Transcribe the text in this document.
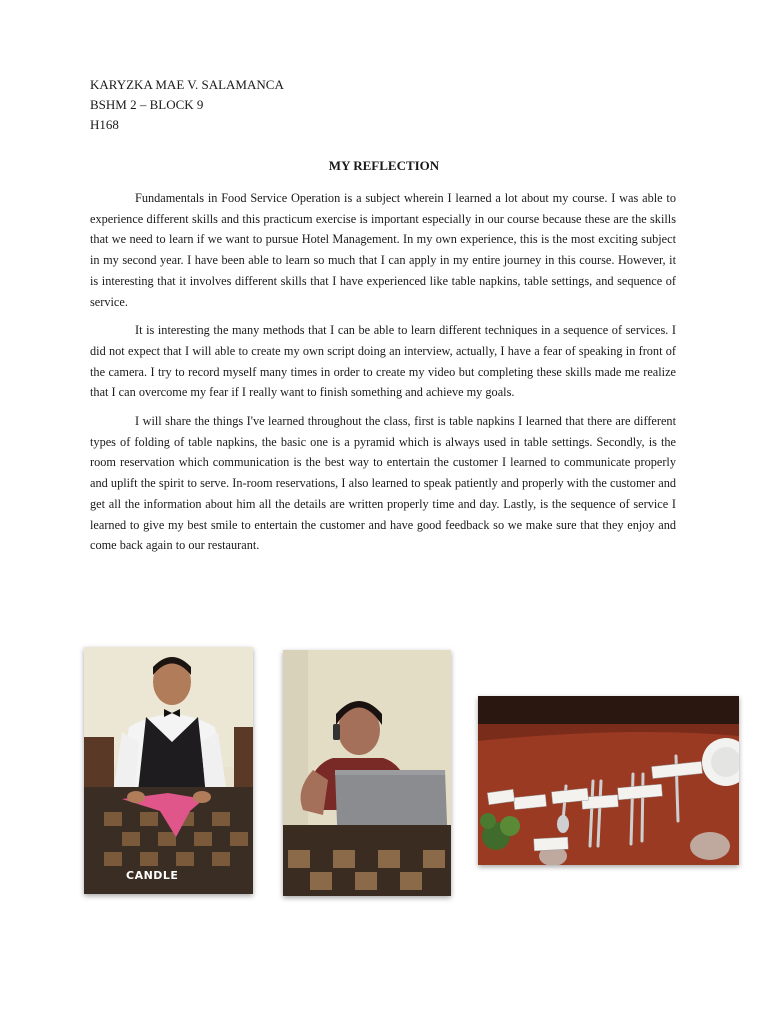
KARYZKA MAE V. SALAMANCA
BSHM 2 – BLOCK 9
H168
MY REFLECTION

Fundamentals in Food Service Operation is a subject wherein I learned a lot about my course. I was able to experience different skills and this practicum exercise is important especially in our course because these are the skills that we need to learn if we want to pursue Hotel Management. In my own experience, this is the most exciting subject in my second year. I have been able to learn so much that I can apply in my entire journey in this course. However, it is interesting that it involves different skills that I have experienced like table napkins, table settings, and sequence of service.

It is interesting the many methods that I can be able to learn different techniques in a sequence of services. I did not expect that I will able to create my own script doing an interview, actually, I have a fear of speaking in front of the camera. I try to record myself many times in order to create my video but completing these skills made me realize that I can overcome my fear if I really want to finish something and achieve my goals.

I will share the things I've learned throughout the class, first is table napkins I learned that there are different types of folding of table napkins, the basic one is a pyramid which is always used in table settings. Secondly, is the room reservation which communication is the best way to entertain the customer I learned to communicate properly and uplift the spirit to serve. In-room reservations, I also learned to speak patiently and properly with the customer and get all the information about him all the details are written properly time and day. Lastly, is the sequence of service I learned to give my best smile to entertain the customer and have good feedback so we make sure that they enjoy and come back again to our restaurant.

CANDLE
